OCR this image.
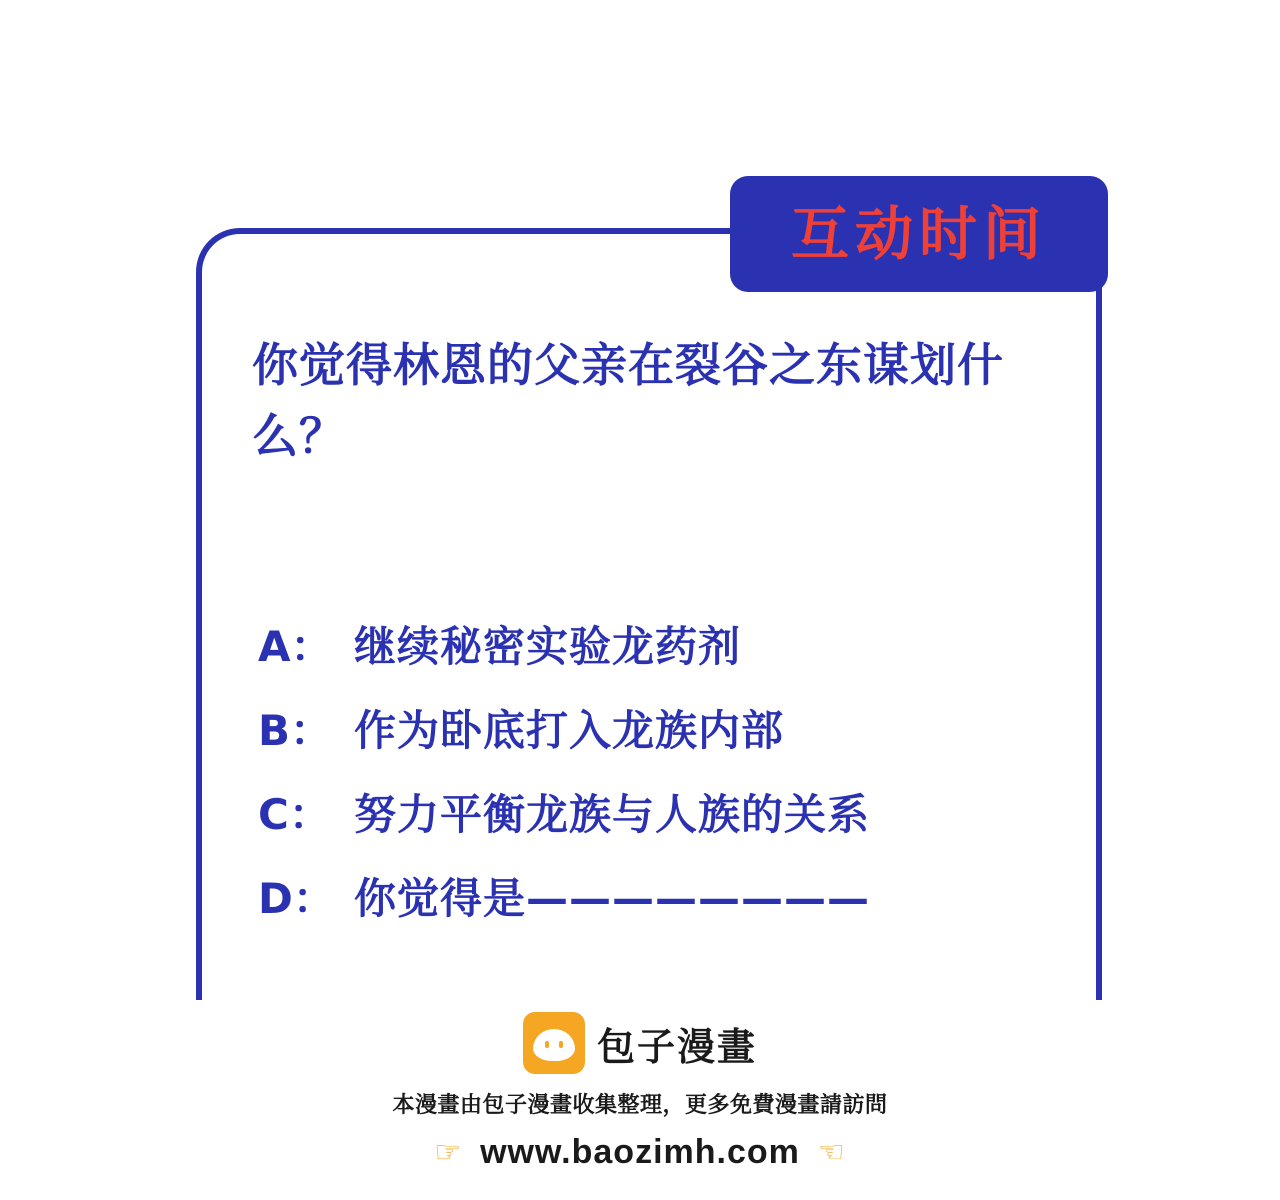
互动时间
你觉得林恩的父亲在裂谷之东谋划什么？
A： 继续秘密实验龙药剂
B： 作为卧底打入龙族内部
C： 努力平衡龙族与人族的关系
D： 你觉得是————————
包子漫畫
本漫畫由包子漫畫收集整理，更多免費漫畫請訪問
☞ www.baozimh.com ☜
